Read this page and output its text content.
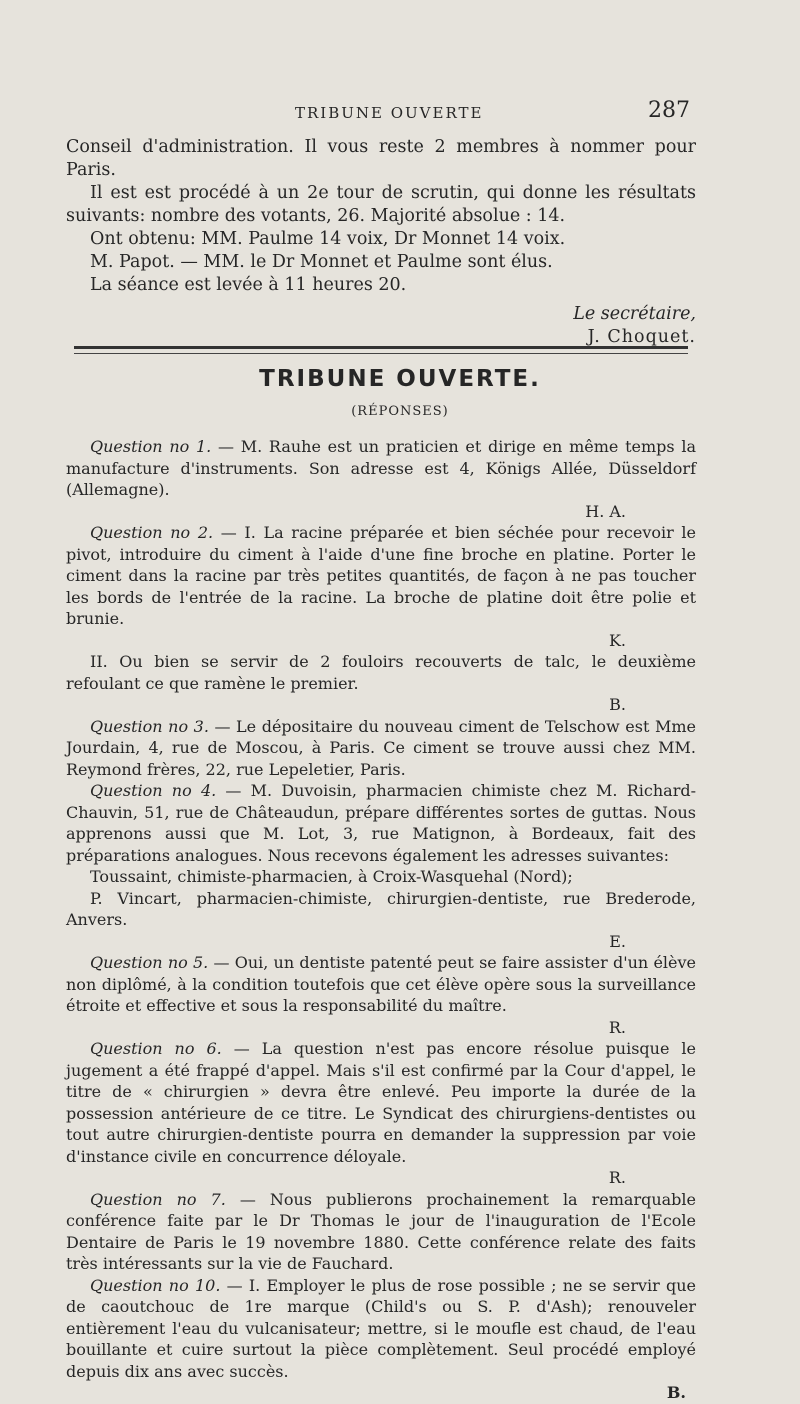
TRIBUNE OUVERTE	287

Conseil d'administration. Il vous reste 2 membres à nommer pour Paris.

Il est est procédé à un 2e tour de scrutin, qui donne les résultats suivants: nombre des votants, 26. Majorité absolue : 14.

Ont obtenu: MM. Paulme 14 voix, Dr Monnet 14 voix.

M. Papot. — MM. le Dr Monnet et Paulme sont élus.

La séance est levée à 11 heures 20.

Le secrétaire,

J. Choquet.

TRIBUNE OUVERTE.
(RÉPONSES)

Question no 1. — M. Rauhe est un praticien et dirige en même temps la manufacture d'instruments. Son adresse est 4, Königs Allée, Düsseldorf (Allemagne).
H. A.

Question no 2. — I. La racine préparée et bien séchée pour recevoir le pivot, introduire du ciment à l'aide d'une fine broche en platine. Porter le ciment dans la racine par très petites quantités, de façon à ne pas toucher les bords de l'entrée de la racine. La broche de platine doit être polie et brunie.
K.

II. Ou bien se servir de 2 fouloirs recouverts de talc, le deuxième refoulant ce que ramène le premier.
B.

Question no 3. — Le dépositaire du nouveau ciment de Telschow est Mme Jourdain, 4, rue de Moscou, à Paris. Ce ciment se trouve aussi chez MM. Reymond frères, 22, rue Lepeletier, Paris.

Question no 4. — M. Duvoisin, pharmacien chimiste chez M. Richard-Chauvin, 51, rue de Châteaudun, prépare différentes sortes de guttas. Nous apprenons aussi que M. Lot, 3, rue Matignon, à Bordeaux, fait des préparations analogues. Nous recevons également les adresses suivantes:

Toussaint, chimiste-pharmacien, à Croix-Wasquehal (Nord);

P. Vincart, pharmacien-chimiste, chirurgien-dentiste, rue Brederode, Anvers.
E.

Question no 5. — Oui, un dentiste patenté peut se faire assister d'un élève non diplômé, à la condition toutefois que cet élève opère sous la surveillance étroite et effective et sous la responsabilité du maître.
R.

Question no 6. — La question n'est pas encore résolue puisque le jugement a été frappé d'appel. Mais s'il est confirmé par la Cour d'appel, le titre de « chirurgien » devra être enlevé. Peu importe la durée de la possession antérieure de ce titre. Le Syndicat des chirurgiens-dentistes ou tout autre chirurgien-dentiste pourra en demander la suppression par voie d'instance civile en concurrence déloyale.
R.

Question no 7. — Nous publierons prochainement la remarquable conférence faite par le Dr Thomas le jour de l'inauguration de l'Ecole Dentaire de Paris le 19 novembre 1880. Cette conférence relate des faits très intéressants sur la vie de Fauchard.

Question no 10. — I. Employer le plus de rose possible ; ne se servir que de caoutchouc de 1re marque (Child's ou S. P. d'Ash); renouveler entièrement l'eau du vulcanisateur; mettre, si le moufle est chaud, de l'eau bouillante et cuire surtout la pièce complètement. Seul procédé employé depuis dix ans avec succès.
B.
